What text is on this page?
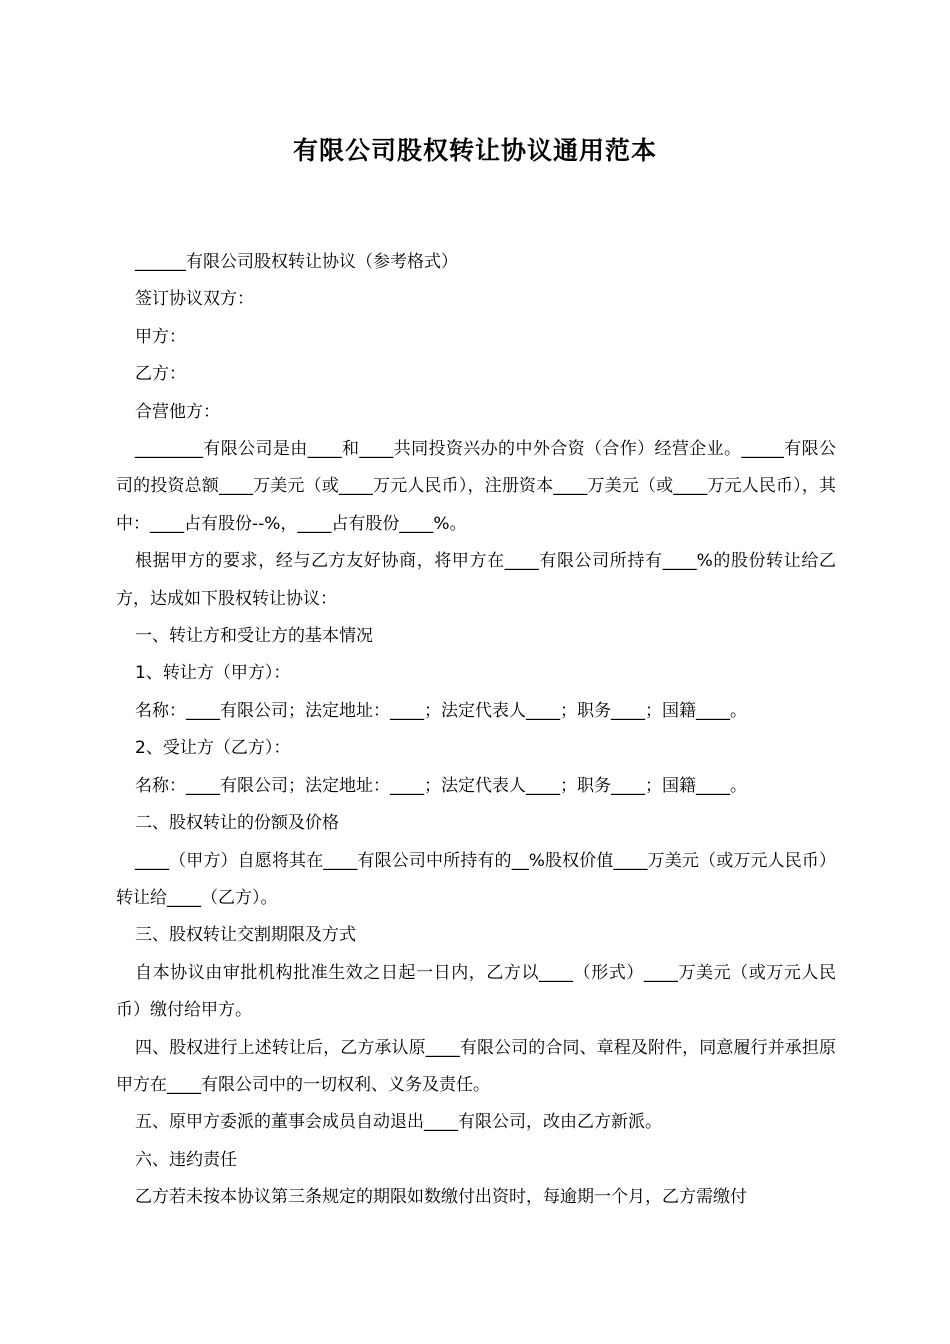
有限公司股权转让协议通用范本

______有限公司股权转让协议（参考格式）

签订协议双方：

甲方：

乙方：

合营他方：

________有限公司是由____和____共同投资兴办的中外合资（合作）经营企业。_____有限公司的投资总额____万美元（或____万元人民币），注册资本____万美元（或____万元人民币），其中：____占有股份--%，____占有股份____%。

根据甲方的要求，经与乙方友好协商，将甲方在____有限公司所持有____%的股份转让给乙方，达成如下股权转让协议：

一、转让方和受让方的基本情况

1、转让方（甲方）：

名称：____有限公司；法定地址：____；法定代表人____；职务____；国籍____。

2、受让方（乙方）：

名称：____有限公司；法定地址：____；法定代表人____；职务____；国籍____。

二、股权转让的份额及价格

____（甲方）自愿将其在____有限公司中所持有的__%股权价值____万美元（或万元人民币）转让给____（乙方）。

三、股权转让交割期限及方式

自本协议由审批机构批准生效之日起一日内，乙方以____（形式）____万美元（或万元人民币）缴付给甲方。

四、股权进行上述转让后，乙方承认原____有限公司的合同、章程及附件，同意履行并承担原甲方在____有限公司中的一切权利、义务及责任。

五、原甲方委派的董事会成员自动退出____有限公司，改由乙方新派。

六、违约责任

乙方若未按本协议第三条规定的期限如数缴付出资时，每逾期一个月，乙方需缴付
